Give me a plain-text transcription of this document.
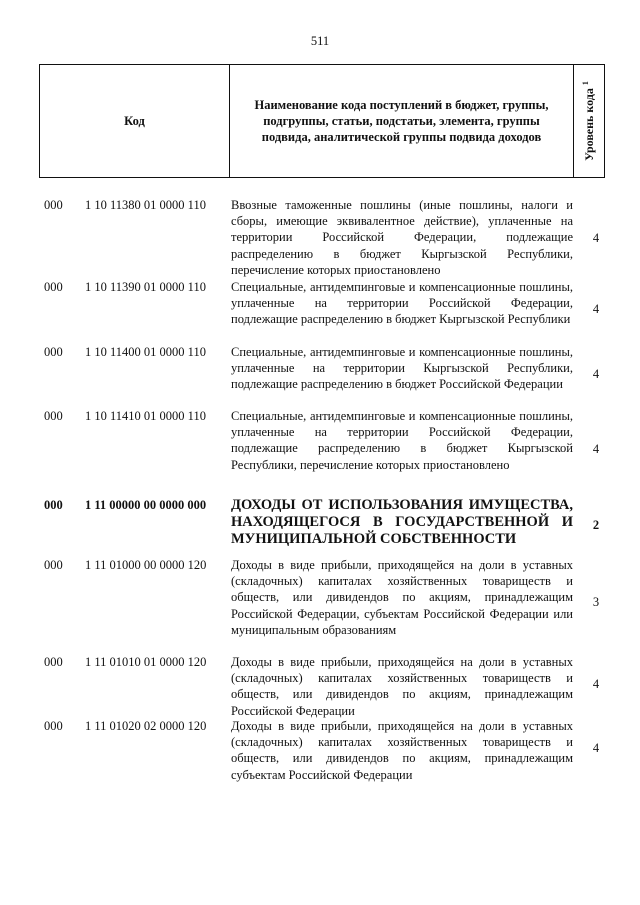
511
Код
Наименование кода поступлений в бюджет, группы,
подгруппы, статьи, подстатьи, элемента, группы
подвида, аналитической группы подвида доходов	Уровень кода $^1$
000 1 10 11380 01 0000 110 Ввозные таможенные пошлины (иные пошлины, налоги и сборы, имеющие эквивалентное действие), уплаченные на территории Российской Федерации, подлежащие распределению в бюджет Кыргызской Республики, перечисление которых приостановлено
4
000 1 10 11390 01 0000 110 Специальные, антидемпинговые и компенсационные пошлины, уплаченные на территории Российской Федерации, подлежащие распределению в бюджет Кыргызской Республики
4
000 1 10 11400 01 0000 110 Специальные, антидемпинговые и компенсационные пошлины, уплаченные на территории Кыргызской Республики, подлежащие распределению в бюджет Российской Федерации
4
000 1 10 11410 01 0000 110 Специальные, антидемпинговые и компенсационные пошлины, уплаченные на территории Российской Федерации, подлежащие распределению в бюджет Кыргызской Республики, перечисление которых приостановлено
4
000 1 11 00000 00 0000 000 ДОХОДЫ ОТ ИСПОЛЬЗОВАНИЯ ИМУЩЕСТВА, НАХОДЯЩЕГОСЯ В ГОСУДАРСТВЕННОЙ И МУНИЦИПАЛЬНОЙ СОБСТВЕННОСТИ
2
000 1 11 01000 00 0000 120 Доходы в виде прибыли, приходящейся на доли в уставных (складочных) капиталах хозяйственных товариществ и обществ, или дивидендов по акциям, принадлежащим Российской Федерации, субъектам Российской Федерации или муниципальным образованиям
3
000 1 11 01010 01 0000 120 Доходы в виде прибыли, приходящейся на доли в уставных (складочных) капиталах хозяйственных товариществ и обществ, или дивидендов по акциям, принадлежащим Российской Федерации
4
000 1 11 01020 02 0000 120 Доходы в виде прибыли, приходящейся на доли в уставных (складочных) капиталах хозяйственных товариществ и обществ, или дивидендов по акциям, принадлежащим субъектам Российской Федерации
4
